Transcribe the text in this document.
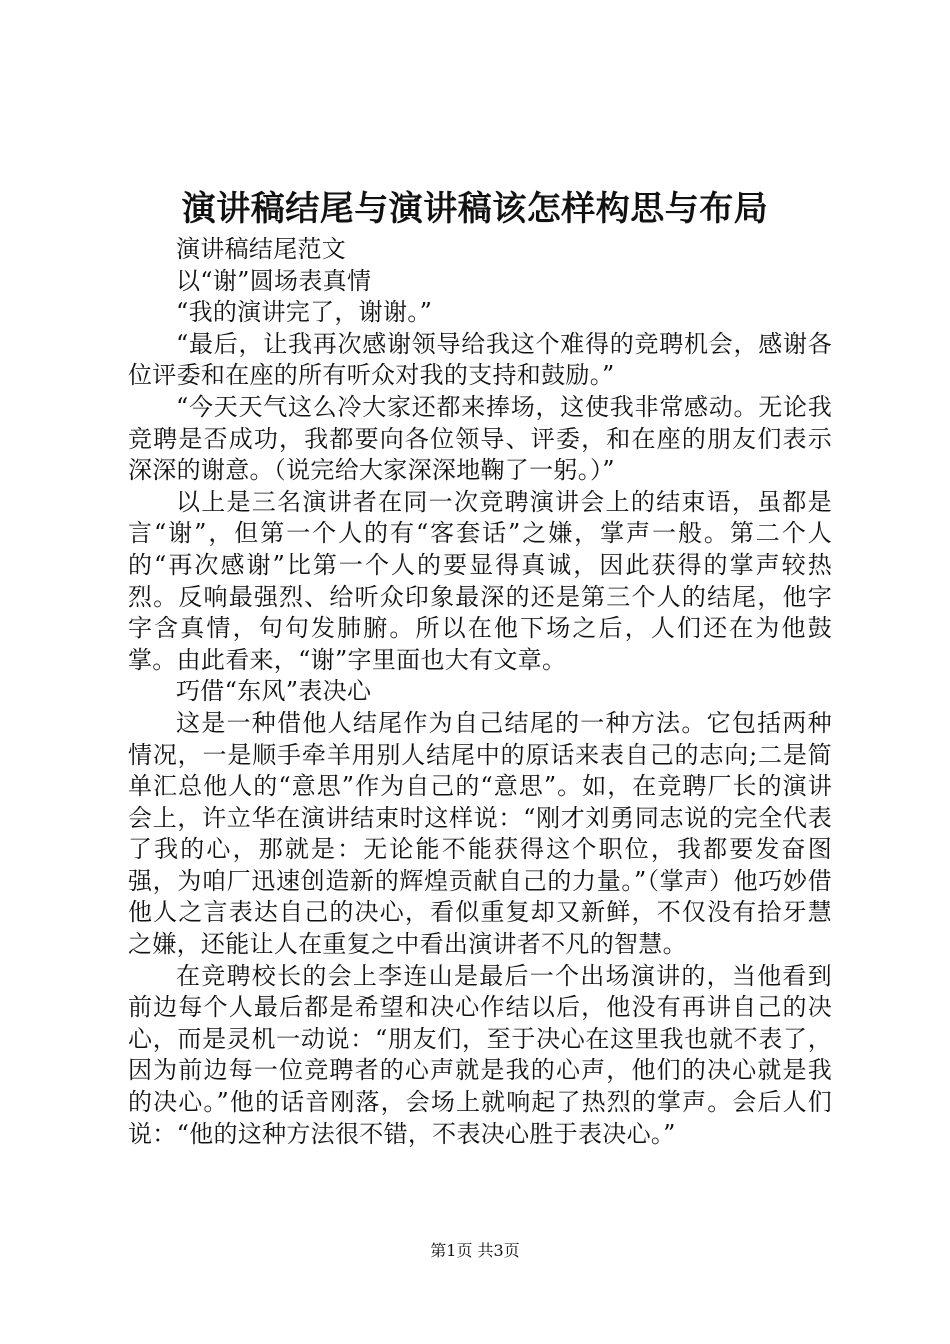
演讲稿结尾与演讲稿该怎样构思与布局

演讲稿结尾范文

以“谢”圆场表真情

“我的演讲完了，谢谢。”

“最后，让我再次感谢领导给我这个难得的竞聘机会，感谢各位评委和在座的所有听众对我的支持和鼓励。”

“今天天气这么冷大家还都来捧场，这使我非常感动。无论我竞聘是否成功，我都要向各位领导、评委，和在座的朋友们表示深深的谢意。（说完给大家深深地鞠了一躬。）”

以上是三名演讲者在同一次竞聘演讲会上的结束语，虽都是言“谢”，但第一个人的有“客套话”之嫌，掌声一般。第二个人的“再次感谢”比第一个人的要显得真诚，因此获得的掌声较热烈。反响最强烈、给听众印象最深的还是第三个人的结尾，他字字含真情，句句发肺腑。所以在他下场之后，人们还在为他鼓掌。由此看来，“谢”字里面也大有文章。

巧借“东风”表决心

这是一种借他人结尾作为自己结尾的一种方法。它包括两种情况，一是顺手牵羊用别人结尾中的原话来表自己的志向;二是简单汇总他人的“意思”作为自己的“意思”。如，在竞聘厂长的演讲会上，许立华在演讲结束时这样说：“刚才刘勇同志说的完全代表了我的心，那就是：无论能不能获得这个职位，我都要发奋图强，为咱厂迅速创造新的辉煌贡献自己的力量。”（掌声）他巧妙借他人之言表达自己的决心，看似重复却又新鲜，不仅没有拾牙慧之嫌，还能让人在重复之中看出演讲者不凡的智慧。

在竞聘校长的会上李连山是最后一个出场演讲的，当他看到前边每个人最后都是希望和决心作结以后，他没有再讲自己的决心，而是灵机一动说：“朋友们，至于决心在这里我也就不表了，因为前边每一位竞聘者的心声就是我的心声，他们的决心就是我的决心。”他的话音刚落，会场上就响起了热烈的掌声。会后人们说：“他的这种方法很不错，不表决心胜于表决心。”

第1页 共3页
